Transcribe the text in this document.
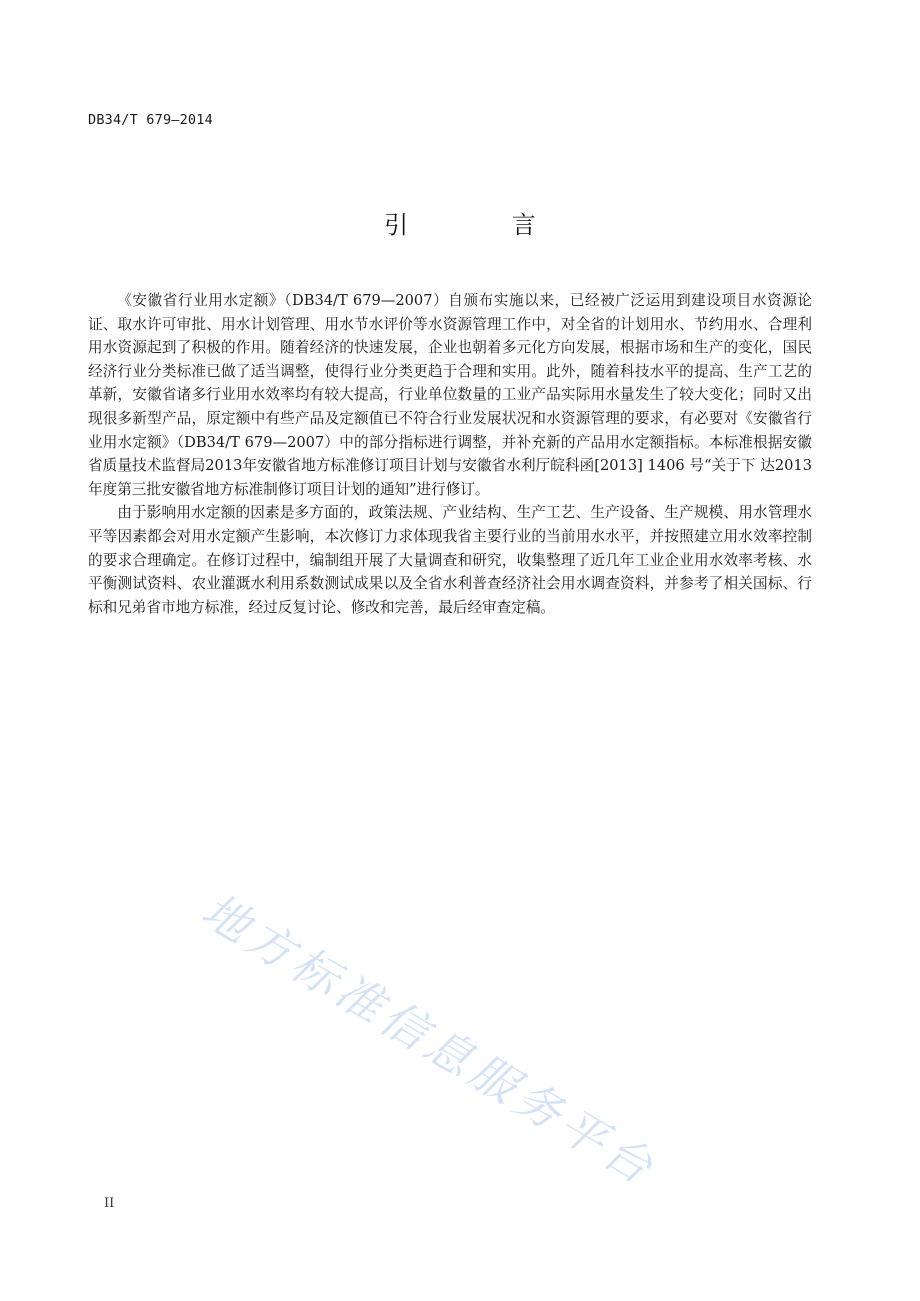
DB34/T 679—2014
引 言

《安徽省行业用水定额》（DB34/T 679—2007）自颁布实施以来，已经被广泛运用到建设项目水资源论证、取水许可审批、用水计划管理、用水节水评价等水资源管理工作中，对全省的计划用水、节约用水、合理利用水资源起到了积极的作用。随着经济的快速发展，企业也朝着多元化方向发展，根据市场和生产的变化，国民经济行业分类标准已做了适当调整，使得行业分类更趋于合理和实用。此外，随着科技水平的提高、生产工艺的革新，安徽省诸多行业用水效率均有较大提高，行业单位数量的工业产品实际用水量发生了较大变化；同时又出现很多新型产品，原定额中有些产品及定额值已不符合行业发展状况和水资源管理的要求，有必要对《安徽省行业用水定额》（DB34/T 679—2007）中的部分指标进行调整，并补充新的产品用水定额指标。本标准根据安徽省质量技术监督局2013年安徽省地方标准修订项目计划与安徽省水利厅皖科函[2013] 1406 号“关于下 达2013 年度第三批安徽省地方标准制修订项目计划的通知”进行修订。

由于影响用水定额的因素是多方面的，政策法规、产业结构、生产工艺、生产设备、生产规模、用水管理水平等因素都会对用水定额产生影响，本次修订力求体现我省主要行业的当前用水水平，并按照建立用水效率控制的要求合理确定。在修订过程中，编制组开展了大量调查和研究，收集整理了近几年工业企业用水效率考核、水平衡测试资料、农业灌溉水利用系数测试成果以及全省水利普查经济社会用水调查资料，并参考了相关国标、行标和兄弟省市地方标准，经过反复讨论、修改和完善，最后经审查定稿。

地方标准信息服务平台
II
